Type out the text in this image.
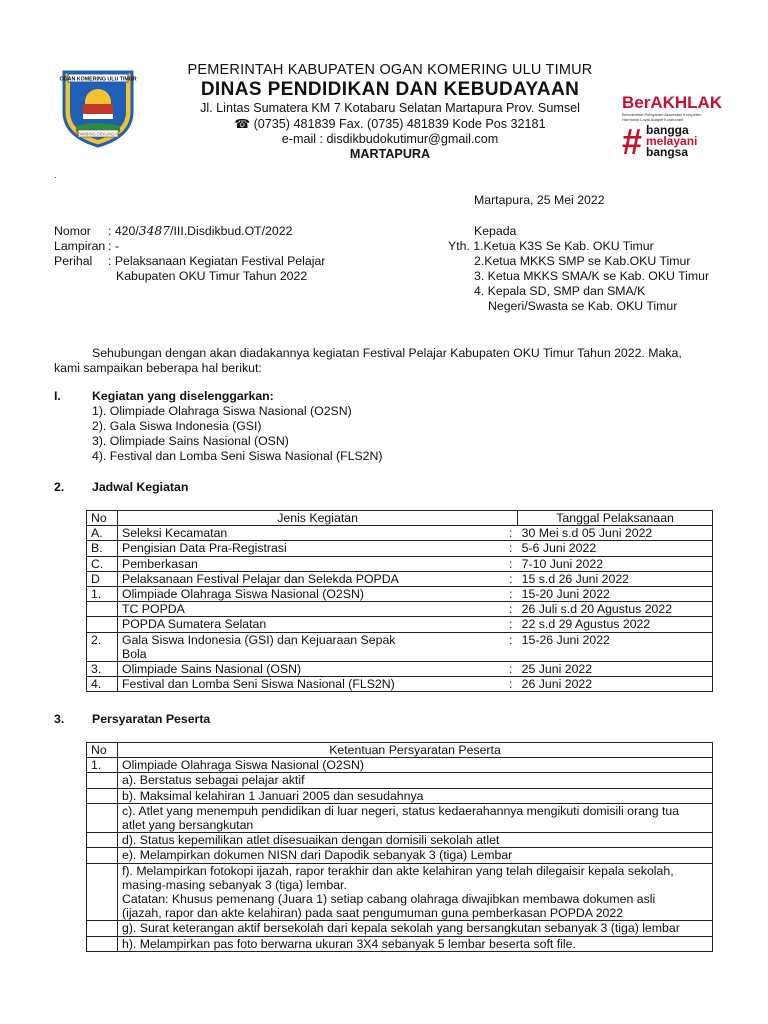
OGAN KOMERING ULU TIMUR
SEBIMBING SEKUNDANG
PEMERINTAH KABUPATEN OGAN KOMERING ULU TIMUR
DINAS PENDIDIKAN DAN KEBUDAYAAN
Jl. Lintas Sumatera KM 7 Kotabaru Selatan Martapura Prov. Sumsel
☎ (0735) 481839 Fax. (0735) 481839 Kode Pos 32181
e-mail : disdikbudokutimur@gmail.com
MARTAPURA
BerAKHLAK
Berorientasi Pelayanan Akuntabel Kompeten
Harmonis Loyal Adaptif Kolaboratif
# bangga
melayani
bangsa
.
Martapura, 25 Mei 2022
Nomor : 420/3487/III.Disdikbud.OT/2022
Lampiran : -
Perihal : Pelaksanaan Kegiatan Festival Pelajar
Kabupaten OKU Timur Tahun 2022
Kepada
Yth. 1.Ketua K3S Se Kab. OKU Timur
2.Ketua MKKS SMP se Kab.OKU Timur
3. Ketua MKKS SMA/K se Kab. OKU Timur
4. Kepala SD, SMP dan SMA/K
Negeri/Swasta se Kab. OKU Timur
Sehubungan dengan akan diadakannya kegiatan Festival Pelajar Kabupaten OKU Timur Tahun 2022. Maka,
kami sampaikan beberapa hal berikut:
I.	Kegiatan yang diselenggarkan:
1). Olimpiade Olahraga Siswa Nasional (O2SN)
2). Gala Siswa Indonesia (GSI)
3). Olimpiade Sains Nasional (OSN)
4). Festival dan Lomba Seni Siswa Nasional (FLS2N)
2. Jadwal Kegiatan
No	Jenis Kegiatan		Tanggal Pelaksanaan
A.	Seleksi Kecamatan	:	30 Mei s.d 05 Juni 2022
B.	Pengisian Data Pra-Registrasi	:	5-6 Juni 2022
C.	Pemberkasan	:	7-10 Juni 2022
D	Pelaksanaan Festival Pelajar dan Selekda POPDA	:	15 s.d 26 Juni 2022
1.	Olimpiade Olahraga Siswa Nasional (O2SN)	:	15-20 Juni 2022
	TC POPDA	:	26 Juli s.d 20 Agustus 2022
	POPDA Sumatera Selatan	:	22 s.d 29 Agustus 2022
2.	Gala Siswa Indonesia (GSI) dan Kejuaraan Sepak
Bola	:	15-26 Juni 2022
3.	Olimpiade Sains Nasional (OSN)	:	25 Juni 2022
4.	Festival dan Lomba Seni Siswa Nasional (FLS2N)	:	26 Juni 2022
3. Persyaratan Peserta
No	Ketentuan Persyaratan Peserta
1.	Olimpiade Olahraga Siswa Nasional (O2SN)
	a). Berstatus sebagai pelajar aktif
	b). Maksimal kelahiran 1 Januari 2005 dan sesudahnya

	c). Atlet yang menempuh pendidikan di luar negeri, status kedaerahannya mengikuti domisili orang tua
atlet yang bersangkutan

	d). Status kepemilikan atlet disesuaikan dengan domisili sekolah atlet
	e). Melampirkan dokumen NISN dari Dapodik sebanyak 3 (tiga) Lembar

	f). Melampirkan fotokopi ijazah, rapor terakhir dan akte kelahiran yang telah dilegaisir kepala sekolah,
masing-masing sebanyak 3 (tiga) lembar.
Catatan: Khusus pemenang (Juara 1) setiap cabang olahraga diwajibkan membawa dokumen asli
(ijazah, rapor dan akte kelahiran) pada saat pengumuman guna pemberkasan POPDA 2022

	g). Surat keterangan aktif bersekolah dari kepala sekolah yang bersangkutan sebanyak 3 (tiga) lembar
	h). Melampirkan pas foto berwarna ukuran 3X4 sebanyak 5 lembar beserta soft file.
